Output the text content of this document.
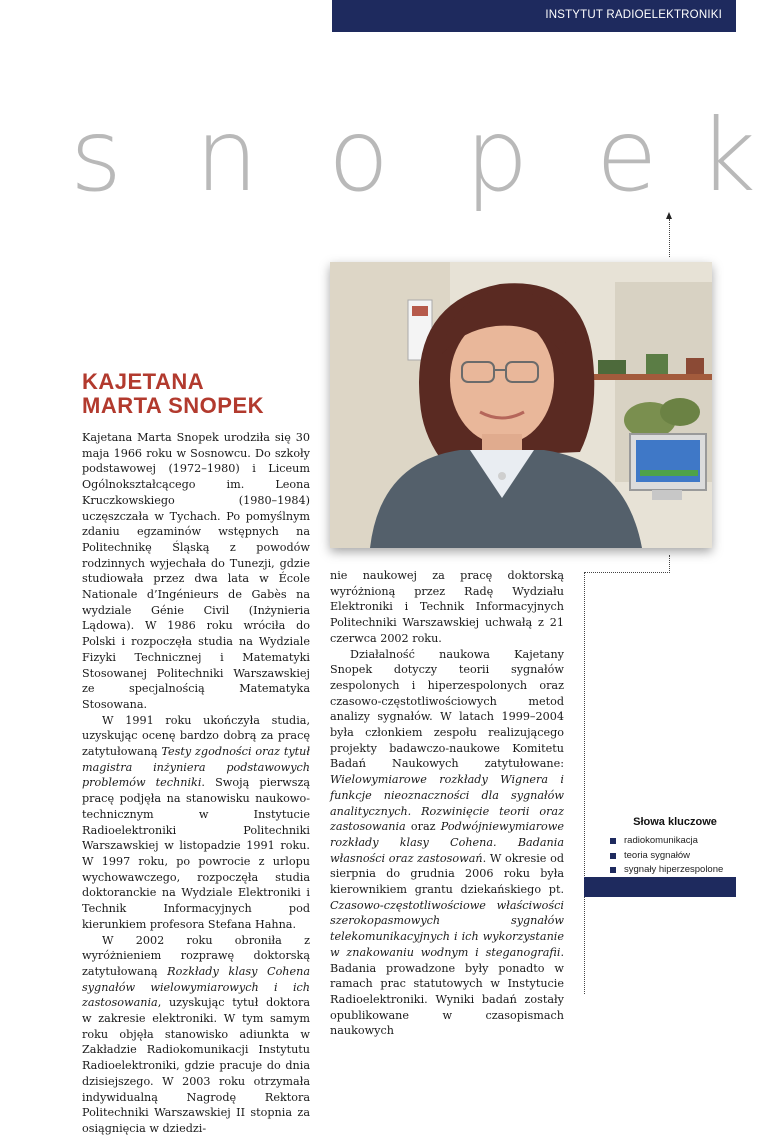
INSTYTUT RADIOELEKTRONIKI
s n o p e k
KAJETANA
MARTA SNOPEK

Kajetana Marta Snopek urodziła się 30 maja 1966 roku w Sosnowcu. Do szkoły podstawowej (1972–1980) i Liceum Ogólnokształcącego im. Leona Kruczkowskiego (1980–1984) uczęszczała w Tychach. Po pomyślnym zdaniu egzaminów wstępnych na Politechnikę Śląską z powodów rodzinnych wyjechała do Tunezji, gdzie studiowała przez dwa lata w École Nationale d’Ingénieurs de Gabès na wydziale Génie Civil (Inżynieria Lądowa). W 1986 roku wróciła do Polski i rozpoczęła studia na Wydziale Fizyki Technicznej i Matematyki Stosowanej Politechniki Warszawskiej ze specjalnością Matematyka Stosowana.

W 1991 roku ukończyła studia, uzyskując ocenę bardzo dobrą za pracę zatytułowaną Testy zgodności oraz tytuł magistra inżyniera podstawowych problemów techniki. Swoją pierwszą pracę podjęła na stanowisku naukowo-technicznym w Instytucie Radioelektroniki Politechniki Warszawskiej w listopadzie 1991 roku. W 1997 roku, po powrocie z urlopu wychowawczego, rozpoczęła studia doktoranckie na Wydziale Elektroniki i Technik Informacyjnych pod kierunkiem profesora Stefana Hahna.

W 2002 roku obroniła z wyróżnieniem rozprawę doktorską zatytułowaną Rozkłady klasy Cohena sygnałów wielowymiarowych i ich zastosowania, uzyskując tytuł doktora w zakresie elektroniki. W tym samym roku objęła stanowisko adiunkta w Zakładzie Radiokomunikacji Instytutu Radioelektroniki, gdzie pracuje do dnia dzisiejszego. W 2003 roku otrzymała indywidualną Nagrodę Rektora Politechniki Warszawskiej II stopnia za osiągnięcia w dziedzi-

nie naukowej za pracę doktorską wyróżnioną przez Radę Wydziału Elektroniki i Technik Informacyjnych Politechniki Warszawskiej uchwałą z 21 czerwca 2002 roku.

Działalność naukowa Kajetany Snopek dotyczy teorii sygnałów zespolonych i hiperzespolonych oraz czasowo-częstotliwościowych metod analizy sygnałów. W latach 1999–2004 była członkiem zespołu realizującego projekty badawczo-naukowe Komitetu Badań Naukowych zatytułowane: Wielowymiarowe rozkłady Wignera i funkcje nieoznaczności dla sygnałów analitycznych. Rozwinięcie teorii oraz zastosowania oraz Podwójniewymiarowe rozkłady klasy Cohena. Badania własności oraz zastosowań. W okresie od sierpnia do grudnia 2006 roku była kierownikiem grantu dziekańskiego pt. Czasowo-częstotliwościowe właściwości szerokopasmowych sygnałów telekomunikacyjnych i ich wykorzystanie w znakowaniu wodnym i steganografii. Badania prowadzone były ponadto w ramach prac statutowych w Instytucie Radioelektroniki. Wyniki badań zostały opublikowane w czasopismach naukowych

Słowa kluczowe
radiokomunikacja
teoria sygnałów
sygnały hiperzespolone
